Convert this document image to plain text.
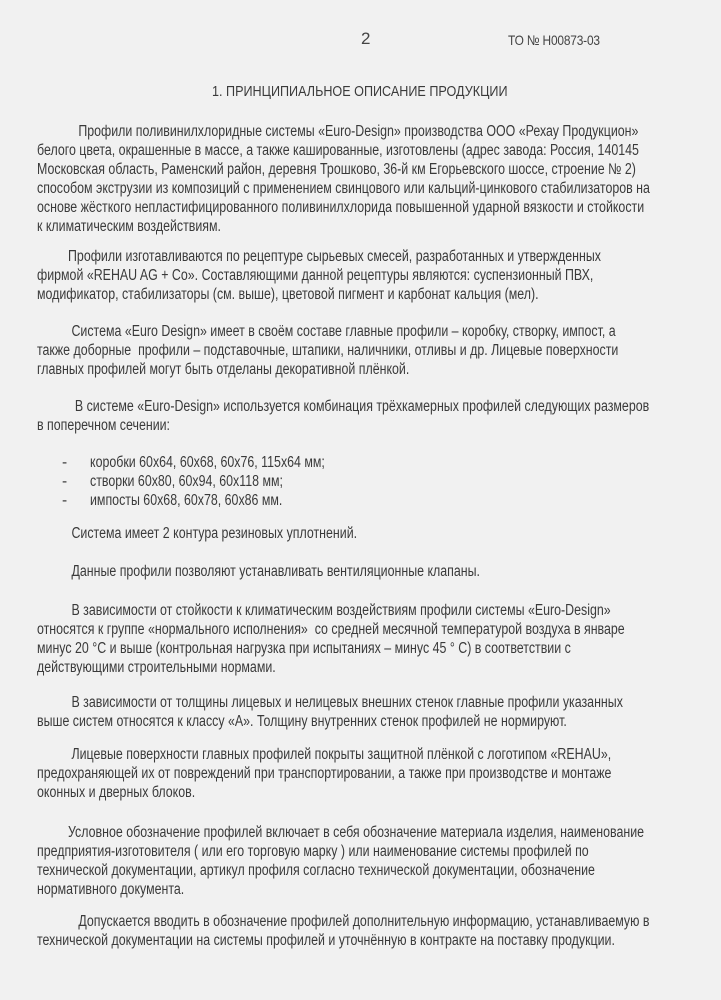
2	ТО № Н00873-03
1. ПРИНЦИПИАЛЬНОЕ ОПИСАНИЕ ПРОДУКЦИИ
Профили поливинилхлоридные системы «Euro-Design» производства ООО «Рехау Продукцион»
белого цвета, окрашенные в массе, а также кашированные, изготовлены (адрес завода: Россия, 140145
Московская область, Раменский район, деревня Трошково, 36-й км Егорьевского шоссе, строение № 2)
способом экструзии из композиций с применением свинцового или кальций-цинкового стабилизаторов на
основе жёсткого непластифицированного поливинилхлорида повышенной ударной вязкости и стойкости
к климатическим воздействиям.
Профили изготавливаются по рецептуре сырьевых смесей, разработанных и утвержденных
фирмой «REHAU AG + Co». Составляющими данной рецептуры являются: суспензионный ПВХ,
модификатор, стабилизаторы (см. выше), цветовой пигмент и карбонат кальция (мел).
Система «Euro Design» имеет в своём составе главные профили – коробку, створку, импост, а
также доборные  профили – подставочные, штапики, наличники, отливы и др. Лицевые поверхности
главных профилей могут быть отделаны декоративной плёнкой.
В системе «Euro-Design» используется комбинация трёхкамерных профилей следующих размеров
в поперечном сечении:
- коробки 60х64, 60х68, 60х76, 115х64 мм;
- створки 60х80, 60х94, 60х118 мм;
- импосты 60х68, 60х78, 60х86 мм.
Система имеет 2 контура резиновых уплотнений.
Данные профили позволяют устанавливать вентиляционные клапаны.
В зависимости от стойкости к климатическим воздействиям профили системы «Euro-Design»
относятся к группе «нормального исполнения»  со средней месячной температурой воздуха в январе
минус 20 °С и выше (контрольная нагрузка при испытаниях – минус 45 ° С) в соответствии с
действующими строительными нормами.
В зависимости от толщины лицевых и нелицевых внешних стенок главные профили указанных
выше систем относятся к классу «А». Толщину внутренних стенок профилей не нормируют.
Лицевые поверхности главных профилей покрыты защитной плёнкой с логотипом «REHAU»,
предохраняющей их от повреждений при транспортировании, а также при производстве и монтаже
оконных и дверных блоков.
Условное обозначение профилей включает в себя обозначение материала изделия, наименование
предприятия-изготовителя ( или его торговую марку ) или наименование системы профилей по
технической документации, артикул профиля согласно технической документации, обозначение
нормативного документа.
Допускается вводить в обозначение профилей дополнительную информацию, устанавливаемую в
технической документации на системы профилей и уточнённую в контракте на поставку продукции.
